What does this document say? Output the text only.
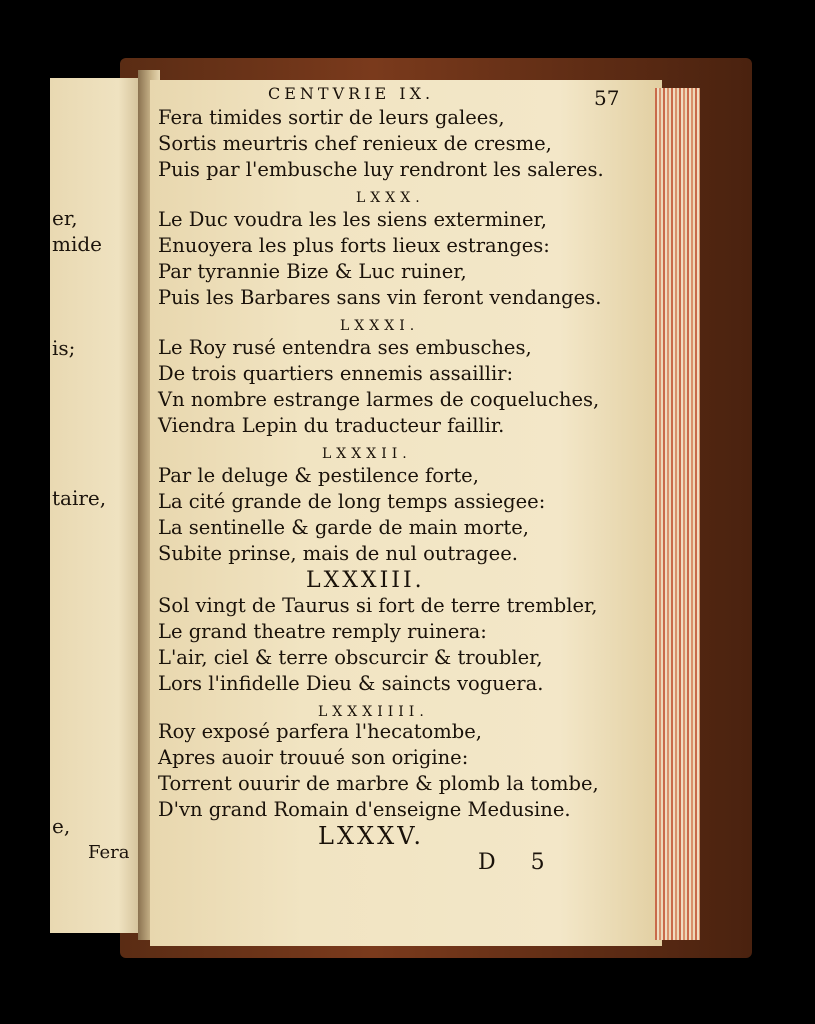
er,
mide
is;
taire,
e,
Fera
CENTVRIE IX.	57
Fera timides sortir de leurs galees,
Sortis meurtris chef renieux de cresme,
Puis par l'embusche luy rendront les saleres.
LXXX.
Le Duc voudra les les siens exterminer,
Enuoyera les plus forts lieux estranges:
Par tyrannie Bize & Luc ruiner,
Puis les Barbares sans vin feront vendanges.
LXXXI.
Le Roy rusé entendra ses embusches,
De trois quartiers ennemis assaillir:
Vn nombre estrange larmes de coqueluches,
Viendra Lepin du traducteur faillir.
LXXXII.
Par le deluge & pestilence forte,
La cité grande de long temps assiegee:
La sentinelle & garde de main morte,
Subite prinse, mais de nul outragee.
LXXXIII.
Sol vingt de Taurus si fort de terre trembler,
Le grand theatre remply ruinera:
L'air, ciel & terre obscurcir & troubler,
Lors l'infidelle Dieu & saincts voguera.
LXXXIIII.
Roy exposé parfera l'hecatombe,
Apres auoir trouué son origine:
Torrent ouurir de marbre & plomb la tombe,
D'vn grand Romain d'enseigne Medusine.
LXXXV.
D 5
